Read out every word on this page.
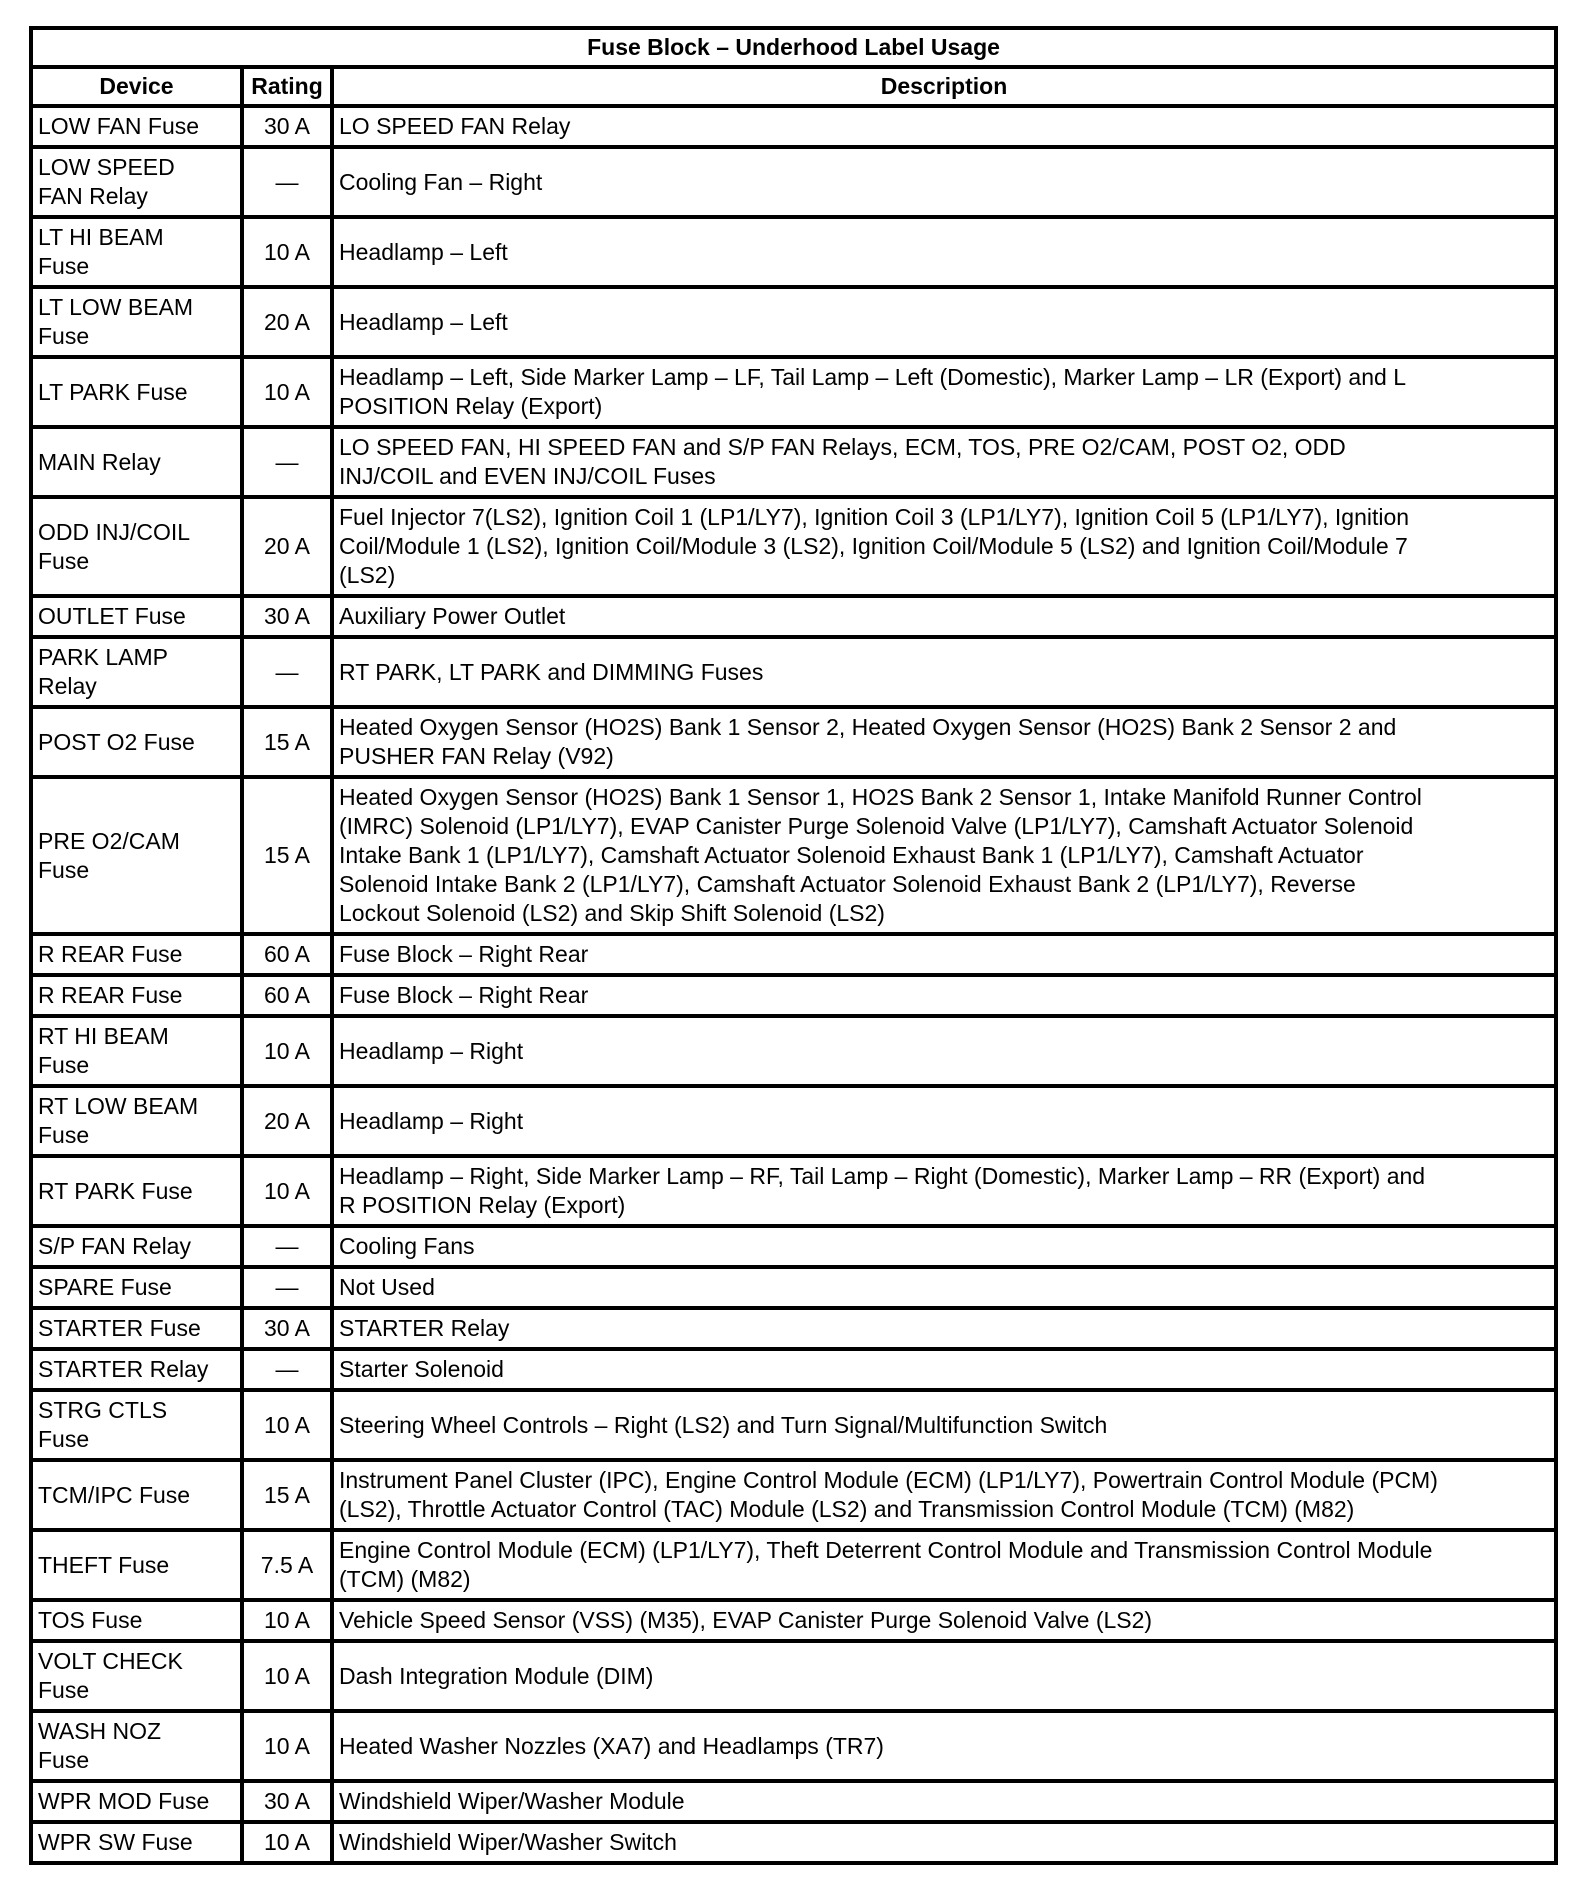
Fuse Block – Underhood Label Usage		
Device	Rating	Description

LOW FAN Fuse	30 A	LO SPEED FAN Relay

LOW SPEED
FAN Relay	—	Cooling Fan – Right

LT HI BEAM
Fuse	10 A	Headlamp – Left

LT LOW BEAM
Fuse	20 A	Headlamp – Left

LT PARK Fuse	10 A	Headlamp – Left, Side Marker Lamp – LF, Tail Lamp – Left (Domestic), Marker Lamp – LR (Export) and L
POSITION Relay (Export)

MAIN Relay	—	LO SPEED FAN, HI SPEED FAN and S/P FAN Relays, ECM, TOS, PRE O2/CAM, POST O2, ODD
INJ/COIL and EVEN INJ/COIL Fuses

ODD INJ/COIL
Fuse	20 A	Fuel Injector 7(LS2), Ignition Coil 1 (LP1/LY7), Ignition Coil 3 (LP1/LY7), Ignition Coil 5 (LP1/LY7), Ignition
Coil/Module 1 (LS2), Ignition Coil/Module 3 (LS2), Ignition Coil/Module 5 (LS2) and Ignition Coil/Module 7
(LS2)

OUTLET Fuse	30 A	Auxiliary Power Outlet

PARK LAMP
Relay	—	RT PARK, LT PARK and DIMMING Fuses

POST O2 Fuse	15 A	Heated Oxygen Sensor (HO2S) Bank 1 Sensor 2, Heated Oxygen Sensor (HO2S) Bank 2 Sensor 2 and
PUSHER FAN Relay (V92)

PRE O2/CAM
Fuse	15 A	Heated Oxygen Sensor (HO2S) Bank 1 Sensor 1, HO2S Bank 2 Sensor 1, Intake Manifold Runner Control
(IMRC) Solenoid (LP1/LY7), EVAP Canister Purge Solenoid Valve (LP1/LY7), Camshaft Actuator Solenoid
Intake Bank 1 (LP1/LY7), Camshaft Actuator Solenoid Exhaust Bank 1 (LP1/LY7), Camshaft Actuator
Solenoid Intake Bank 2 (LP1/LY7), Camshaft Actuator Solenoid Exhaust Bank 2 (LP1/LY7), Reverse
Lockout Solenoid (LS2) and Skip Shift Solenoid (LS2)

R REAR Fuse	60 A	Fuse Block – Right Rear

R REAR Fuse	60 A	Fuse Block – Right Rear

RT HI BEAM
Fuse	10 A	Headlamp – Right

RT LOW BEAM
Fuse	20 A	Headlamp – Right

RT PARK Fuse	10 A	Headlamp – Right, Side Marker Lamp – RF, Tail Lamp – Right (Domestic), Marker Lamp – RR (Export) and
R POSITION Relay (Export)

S/P FAN Relay	—	Cooling Fans

SPARE Fuse	—	Not Used

STARTER Fuse	30 A	STARTER Relay

STARTER Relay	—	Starter Solenoid

STRG CTLS
Fuse	10 A	Steering Wheel Controls – Right (LS2) and Turn Signal/Multifunction Switch

TCM/IPC Fuse	15 A	Instrument Panel Cluster (IPC), Engine Control Module (ECM) (LP1/LY7), Powertrain Control Module (PCM)
(LS2), Throttle Actuator Control (TAC) Module (LS2) and Transmission Control Module (TCM) (M82)

THEFT Fuse	7.5 A	Engine Control Module (ECM) (LP1/LY7), Theft Deterrent Control Module and Transmission Control Module
(TCM) (M82)

TOS Fuse	10 A	Vehicle Speed Sensor (VSS) (M35), EVAP Canister Purge Solenoid Valve (LS2)

VOLT CHECK
Fuse	10 A	Dash Integration Module (DIM)

WASH NOZ
Fuse	10 A	Heated Washer Nozzles (XA7) and Headlamps (TR7)

WPR MOD Fuse	30 A	Windshield Wiper/Washer Module

WPR SW Fuse	10 A	Windshield Wiper/Washer Switch
